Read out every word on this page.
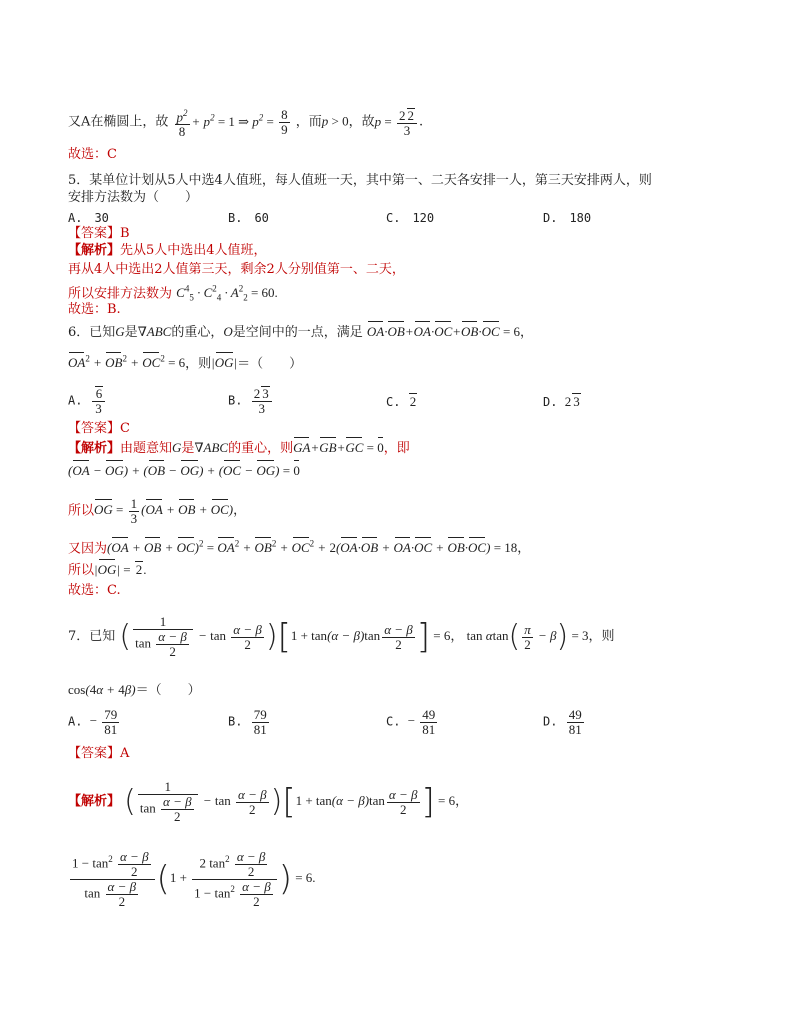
又A在椭圆上，故 $\frac{p^2}{8} + p^2 = 1$ ⇒ $p^2 = \frac{8}{9}$ ，而p > 0，故$p = \frac{2 2}{3}$ .
故选：C
5．某单位计划从5人中选4人值班，每人值班一天，其中第一、二天各安排一人，第三天安排两人，则
安排方法数为（　　）
A.　30	B.　60	C.　120	D.　180
【答案】B
【解析】先从5人中选出4人值班，
再从4人中选出2人值第三天，剩余2人分别值第一、二天，
所以安排方法数为 $C^4_5 \cdot C^2_4 \cdot A^2_2 = 60$.
故选：B.
6．已知G是∇ABC的重心，O是空间中的一点，满足 OA·OB+OA·OC+OB·OC = 6，
$OA^2 + OB^2 + OC^2 = 6$，则|OG|＝（　　）
A. $\frac{6}{3}$	B. $\frac{2 3}{3}$	C. 2	D. 2 3
【答案】C
【解析】由题意知G是∇ABC的重心，则GA+GB+GC = 0，即
(OA − OG) + (OB − OG) + (OC − OG) = 0
所以OG = $\frac{1}{3} (OA$ + OB + OC)，
又因为(OA + OB + $OC)^2 = OA^2 + OB^2 + OC^2 + 2(OA\cdot OB + OA\cdot OC + OB\cdot OC) = 18$，
所以|OG| = 2.
故选：C.
7．已知 ( $\frac{1}{\tan \frac{\alpha - \beta}{2}} - \tan \frac{\alpha - \beta}{2} )[1 + \tan(\alpha - \beta)\tan \frac{\alpha - \beta}{2}$ ] = 6， $\tan \alpha\tan( \frac{\pi}{2} - \beta) = 3$，则
cos(4α + 4β)＝（　　）
A. − $\frac{79}{81}$	B. $\frac{79}{81}$	C. − $\frac{49}{81}$	D. $\frac{49}{81}$
【答案】A
【解析】 ( $\frac{1}{\tan \frac{\alpha - \beta}{2}} - \tan \frac{\alpha - \beta}{2} )[1 + \tan(\alpha - \beta)\tan \frac{\alpha - \beta}{2}$ ] = 6，
$\frac{1 - \tan^2 \frac{\alpha - \beta}{2}}{\tan \frac{\alpha - \beta}{2}} (1 + \frac{2 \tan^2 \frac{\alpha - \beta}{2}}{1 - \tan^2 \frac{\alpha - \beta}{2}}$ ) = 6.
